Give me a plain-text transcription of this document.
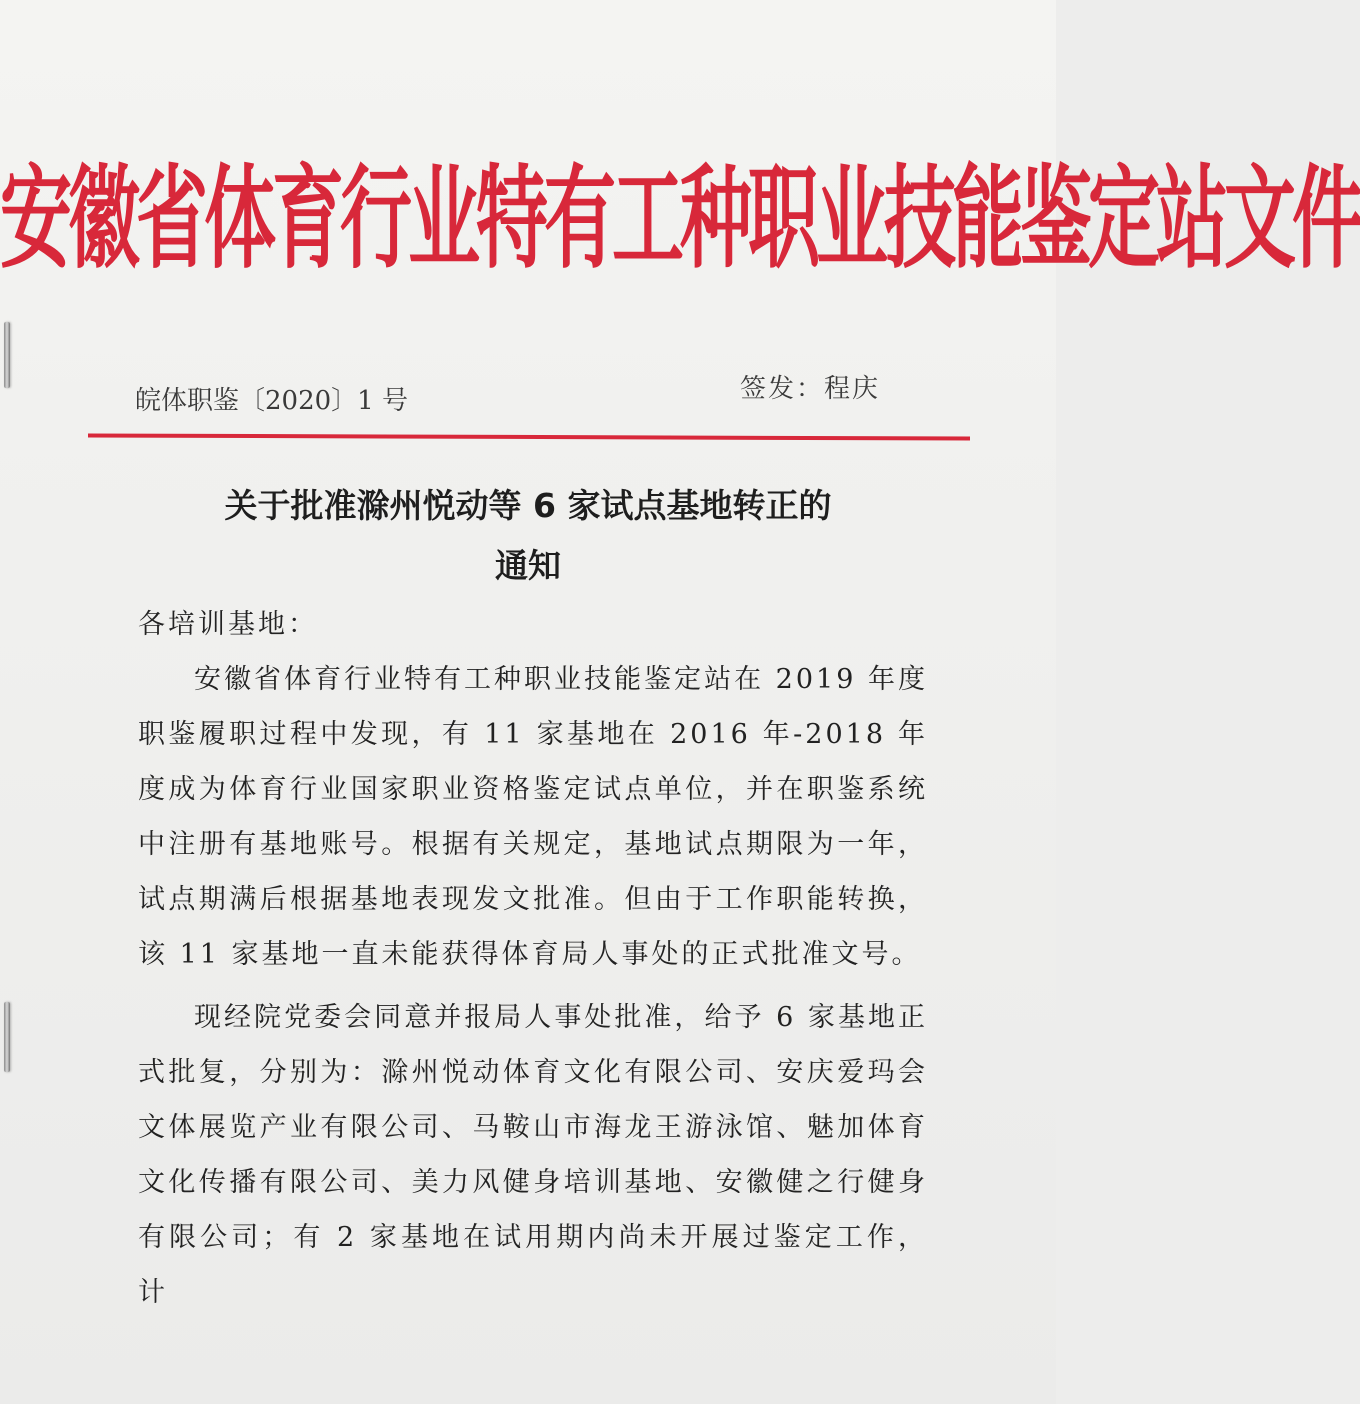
安徽省体育行业特有工种职业技能鉴定站文件
皖体职鉴〔2020〕1 号	签发：程庆
关于批准滁州悦动等 6 家试点基地转正的
通知

各培训基地：

安徽省体育行业特有工种职业技能鉴定站在 2019 年度职鉴履职过程中发现，有 11 家基地在 2016 年-2018 年度成为体育行业国家职业资格鉴定试点单位，并在职鉴系统中注册有基地账号。根据有关规定，基地试点期限为一年，试点期满后根据基地表现发文批准。但由于工作职能转换，该 11 家基地一直未能获得体育局人事处的正式批准文号。

现经院党委会同意并报局人事处批准，给予 6 家基地正式批复，分别为：滁州悦动体育文化有限公司、安庆爱玛会文体展览产业有限公司、马鞍山市海龙王游泳馆、魅加体育文化传播有限公司、美力风健身培训基地、安徽健之行健身有限公司；有 2 家基地在试用期内尚未开展过鉴定工作，计
